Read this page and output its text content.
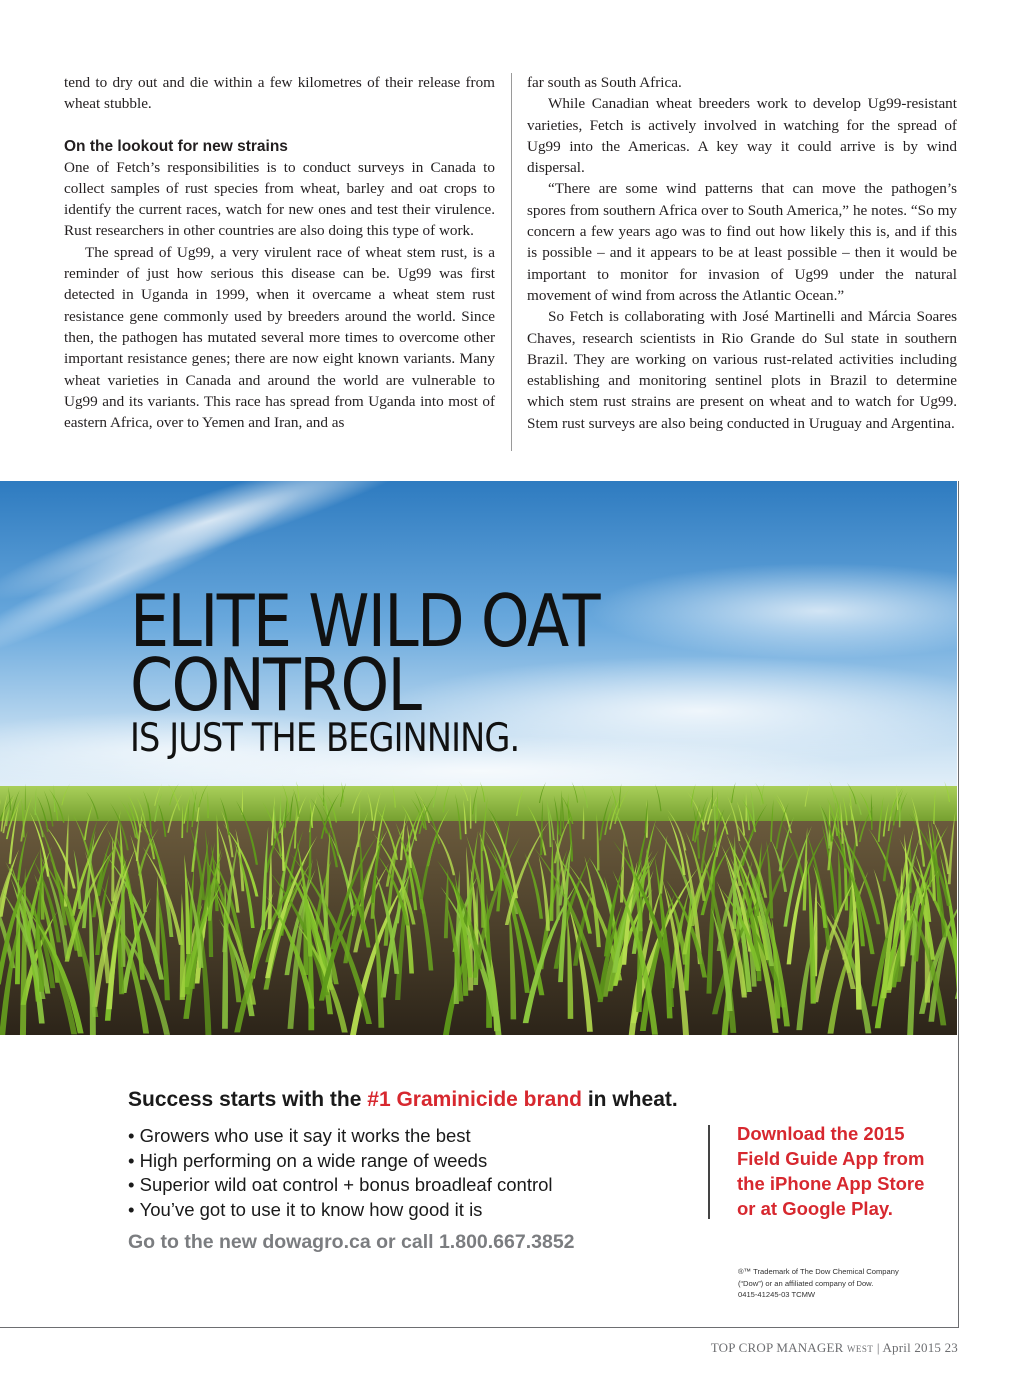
tend to dry out and die within a few kilometres of their release from wheat stubble.

On the lookout for new strains

One of Fetch’s responsibilities is to conduct surveys in Canada to collect samples of rust species from wheat, barley and oat crops to identify the current races, watch for new ones and test their virulence. Rust researchers in other countries are also doing this type of work.

The spread of Ug99, a very virulent race of wheat stem rust, is a reminder of just how serious this disease can be. Ug99 was first detected in Uganda in 1999, when it overcame a wheat stem rust resistance gene commonly used by breeders around the world. Since then, the pathogen has mutated several more times to overcome other important resistance genes; there are now eight known variants. Many wheat varieties in Canada and around the world are vulnerable to Ug99 and its variants. This race has spread from Uganda into most of eastern Africa, over to Yemen and Iran, and as

far south as South Africa.

While Canadian wheat breeders work to develop Ug99-resistant varieties, Fetch is actively involved in watching for the spread of Ug99 into the Americas. A key way it could arrive is by wind dispersal.

“There are some wind patterns that can move the pathogen’s spores from southern Africa over to South America,” he notes. “So my concern a few years ago was to find out how likely this is, and if this is possible – and it appears to be at least possible – then it would be important to monitor for invasion of Ug99 under the natural movement of wind from across the Atlantic Ocean.”

So Fetch is collaborating with José Martinelli and Márcia Soares Chaves, research scientists in Rio Grande do Sul state in southern Brazil. They are working on various rust-related activities including establishing and monitoring sentinel plots in Brazil to determine which stem rust strains are present on wheat and to watch for Ug99. Stem rust surveys are also being conducted in Uruguay and Argentina.

ELITE WILD OAT
CONTROL
IS JUST THE BEGINNING.
Success starts with the #1 Graminicide brand in wheat.
• Growers who use it say it works the best
• High performing on a wide range of weeds
• Superior wild oat control + bonus broadleaf control
• You’ve got to use it to know how good it is
Go to the new dowagro.ca or call 1.800.667.3852
Download the 2015 Field Guide App from the iPhone App Store or at Google Play.
®™ Trademark of The Dow Chemical Company
(“Dow”) or an affiliated company of Dow.
0415-41245-03 TCMW
TOP CROP MANAGER WEST | April 2015 23
